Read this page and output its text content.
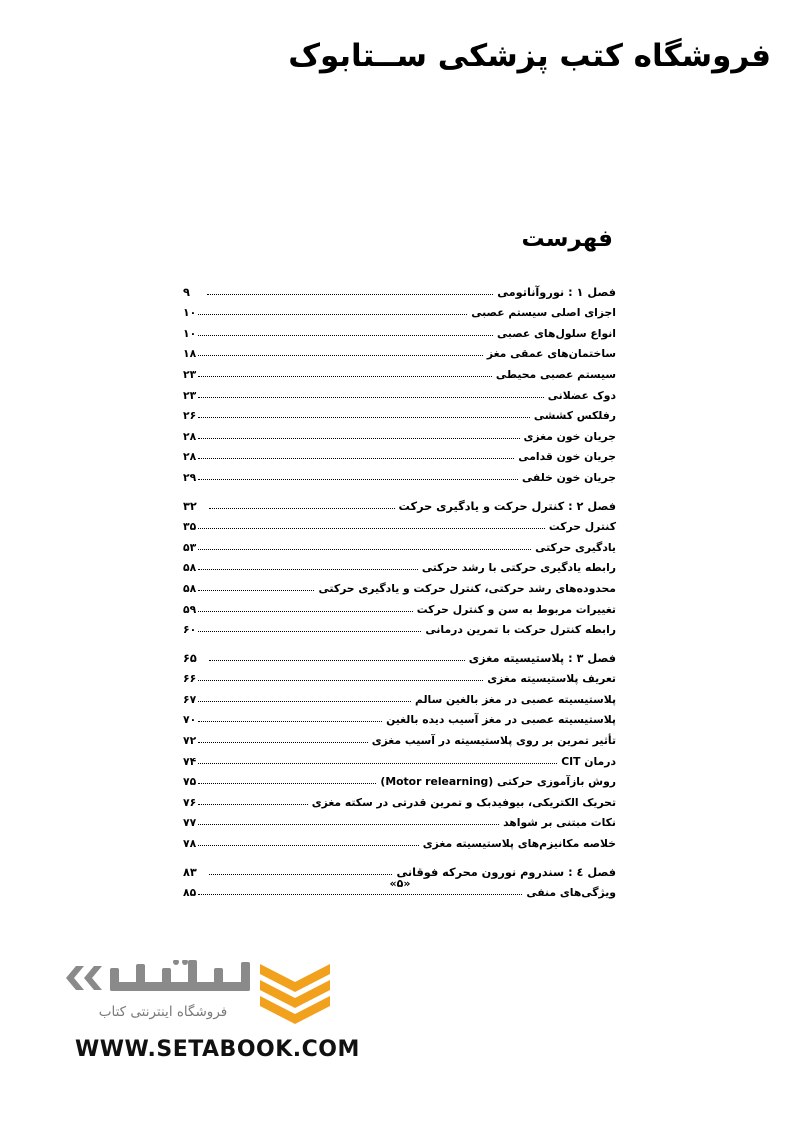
فروشگاه کتب پزشکی ســتابوک
فهرست
فصل ۱ : نوروآناتومی
۹
اجزای اصلی سیستم عصبی
۱۰
انواع سلول‌های عصبی
۱۰
ساختمان‌های عمقی مغز
۱۸
سیستم عصبی محیطی
۲۳
دوک عضلانی
۲۳
رفلکس کششی
۲۶
جریان خون مغزی
۲۸
جریان خون قدامی
۲۸
جریان خون خلفی
۲۹
فصل ۲ : کنترل حرکت و یادگیری حرکت
۳۲
کنترل حرکت
۳۵
یادگیری حرکتی
۵۳
رابطه یادگیری حرکتی با رشد حرکتی
۵۸
محدوده‌های رشد حرکتی، کنترل حرکت و یادگیری حرکتی
۵۸
تغییرات مربوط به سن و کنترل حرکت
۵۹
رابطه کنترل حرکت با تمرین درمانی
۶۰
فصل ۳ : پلاستیسیته مغزی
۶۵
تعریف پلاستیسیته مغزی
۶۶
پلاستیسیته عصبی در مغز بالغین سالم
۶۷
پلاستیسیته عصبی در مغز آسیب دیده بالغین
۷۰
تأثیر تمرین بر روی پلاستیسیته در آسیب مغزی
۷۲
درمان CIT
۷۴
روش بازآموزی حرکتی (Motor relearning)
۷۵
تحریک الکتریکی، بیوفیدبک و تمرین قدرتی در سکته مغزی
۷۶
نکات مبتنی بر شواهد
۷۷
خلاصه مکانیزم‌های پلاستیسیته مغزی
۷۸
فصل ٤ : سندروم نورون محرکه فوقانی
۸۳
ویژگی‌های منفی
۸۵
«۵»
فروشگاه اینترنتی کتاب
WWW.SETABOOK.COM
